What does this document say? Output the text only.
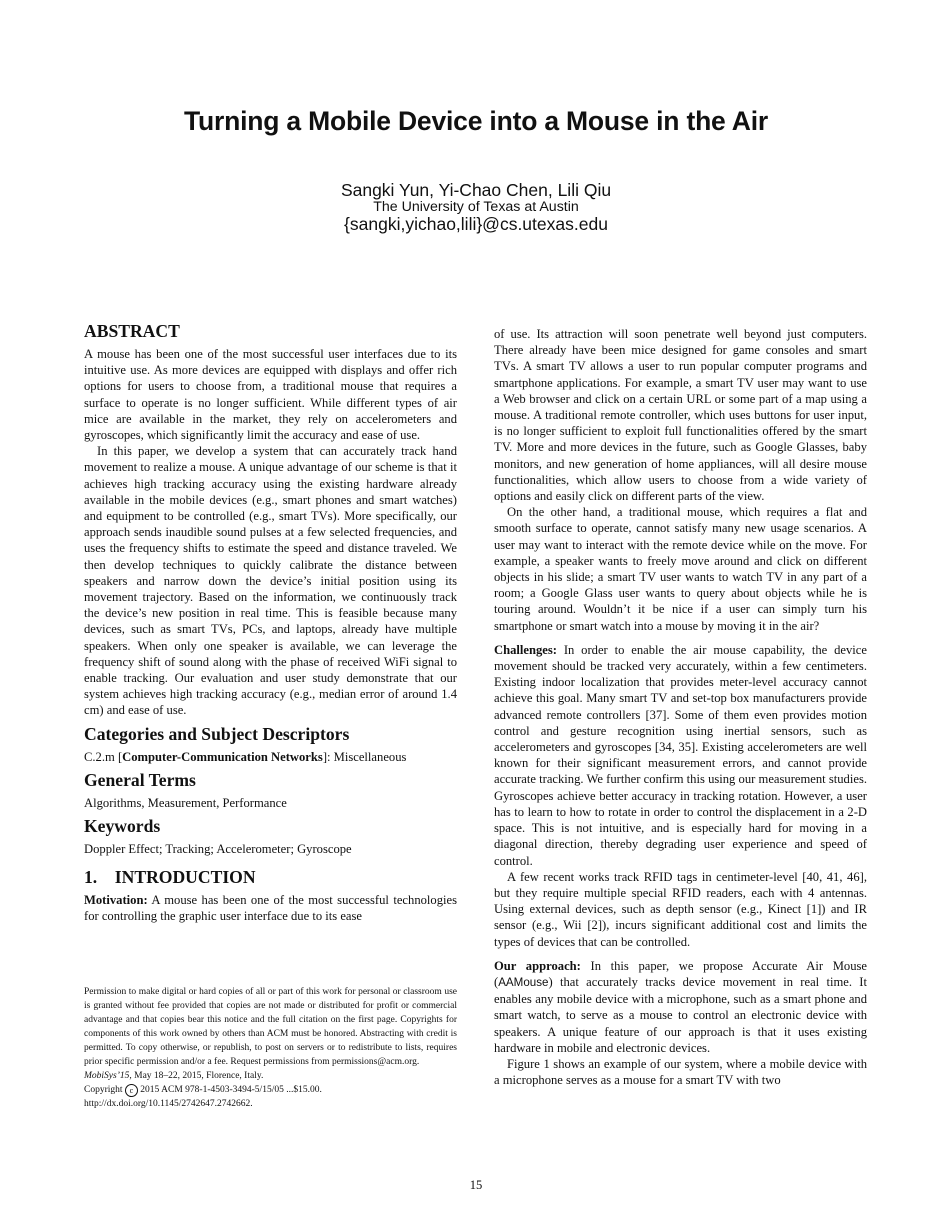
Turning a Mobile Device into a Mouse in the Air
Sangki Yun, Yi-Chao Chen, Lili Qiu
The University of Texas at Austin
{sangki,yichao,lili}@cs.utexas.edu
ABSTRACT

A mouse has been one of the most successful user interfaces due to its intuitive use. As more devices are equipped with displays and offer rich options for users to choose from, a traditional mouse that requires a surface to operate is no longer sufficient. While different types of air mice are available in the market, they rely on accelerometers and gyroscopes, which significantly limit the accuracy and ease of use.

In this paper, we develop a system that can accurately track hand movement to realize a mouse. A unique advantage of our scheme is that it achieves high tracking accuracy using the existing hardware already available in the mobile devices (e.g., smart phones and smart watches) and equipment to be controlled (e.g., smart TVs). More specifically, our approach sends inaudible sound pulses at a few selected frequencies, and uses the frequency shifts to estimate the speed and distance traveled. We then develop techniques to quickly calibrate the distance between speakers and narrow down the device’s initial position using its movement trajectory. Based on the information, we continuously track the device’s new position in real time. This is feasible because many devices, such as smart TVs, PCs, and laptops, already have multiple speakers. When only one speaker is available, we can leverage the frequency shift of sound along with the phase of received WiFi signal to enable tracking. Our evaluation and user study demonstrate that our system achieves high tracking accuracy (e.g., median error of around 1.4 cm) and ease of use.

Categories and Subject Descriptors

C.2.m [Computer-Communication Networks]: Miscellaneous

General Terms

Algorithms, Measurement, Performance

Keywords

Doppler Effect; Tracking; Accelerometer; Gyroscope

1.    INTRODUCTION

Motivation: A mouse has been one of the most successful technologies for controlling the graphic user interface due to its ease

Permission to make digital or hard copies of all or part of this work for personal or classroom use is granted without fee provided that copies are not made or distributed for profit or commercial advantage and that copies bear this notice and the full citation on the first page. Copyrights for components of this work owned by others than ACM must be honored. Abstracting with credit is permitted. To copy otherwise, or republish, to post on servers or to redistribute to lists, requires prior specific permission and/or a fee. Request permissions from permissions@acm.org.
MobiSys’15, May 18–22, 2015, Florence, Italy.
Copyright c 2015 ACM 978-1-4503-3494-5/15/05 ...$15.00.
http://dx.doi.org/10.1145/2742647.2742662.

of use. Its attraction will soon penetrate well beyond just computers. There already have been mice designed for game consoles and smart TVs. A smart TV allows a user to run popular computer programs and smartphone applications. For example, a smart TV user may want to use a Web browser and click on a certain URL or some part of a map using a mouse. A traditional remote controller, which uses buttons for user input, is no longer sufficient to exploit full functionalities offered by the smart TV. More and more devices in the future, such as Google Glasses, baby monitors, and new generation of home appliances, will all desire mouse functionalities, which allow users to choose from a wide variety of options and easily click on different parts of the view.

On the other hand, a traditional mouse, which requires a flat and smooth surface to operate, cannot satisfy many new usage scenarios. A user may want to interact with the remote device while on the move. For example, a speaker wants to freely move around and click on different objects in his slide; a smart TV user wants to watch TV in any part of a room; a Google Glass user wants to query about objects while he is touring around. Wouldn’t it be nice if a user can simply turn his smartphone or smart watch into a mouse by moving it in the air?

Challenges: In order to enable the air mouse capability, the device movement should be tracked very accurately, within a few centimeters. Existing indoor localization that provides meter-level accuracy cannot achieve this goal. Many smart TV and set-top box manufacturers provide advanced remote controllers [37]. Some of them even provides motion control and gesture recognition using inertial sensors, such as accelerometers and gyroscopes [34, 35]. Existing accelerometers are well known for their significant measurement errors, and cannot provide accurate tracking. We further confirm this using our measurement studies. Gyroscopes achieve better accuracy in tracking rotation. However, a user has to learn to how to rotate in order to control the displacement in a 2-D space. This is not intuitive, and is especially hard for moving in a diagonal direction, thereby degrading user experience and speed of control.

A few recent works track RFID tags in centimeter-level [40, 41, 46], but they require multiple special RFID readers, each with 4 antennas. Using external devices, such as depth sensor (e.g., Kinect [1]) and IR sensor (e.g., Wii [2]), incurs significant additional cost and limits the types of devices that can be controlled.

Our approach: In this paper, we propose Accurate Air Mouse (AAMouse) that accurately tracks device movement in real time. It enables any mobile device with a microphone, such as a smart phone and smart watch, to serve as a mouse to control an electronic device with speakers. A unique feature of our approach is that it uses existing hardware in mobile and electronic devices.

Figure 1 shows an example of our system, where a mobile device with a microphone serves as a mouse for a smart TV with two

15
